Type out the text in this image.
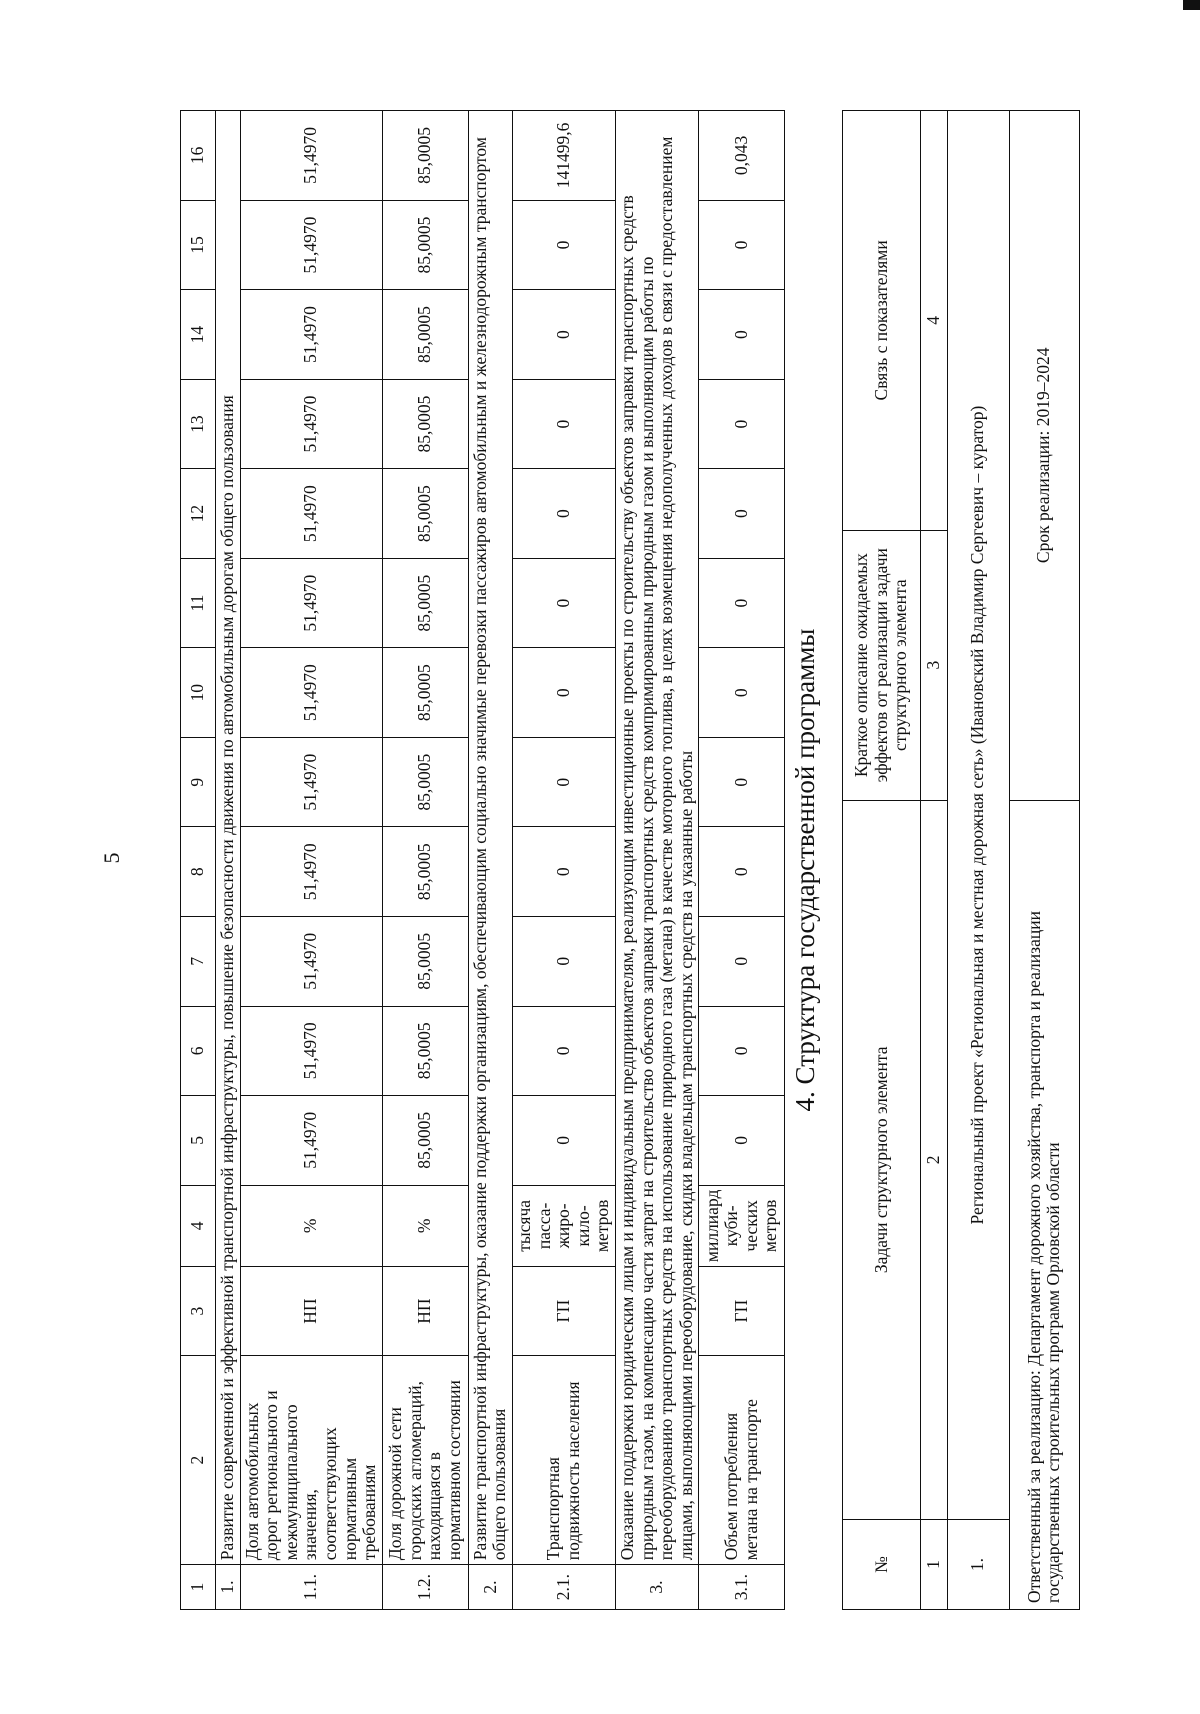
5
1	2	3	4	5	6	7	8	9	10	11	12	13	14	15	16
1.	Развитие современной и эффективной транспортной инфраструктуры, повышение безопасности движения по автомобильным дорогам общего пользования														
1.1.	Доля автомобильных дорог регионального и межмуниципального значения, соответствующих нормативным требованиям	НП	%	51,4970	51,4970	51,4970	51,4970	51,4970	51,4970	51,4970	51,4970	51,4970	51,4970	51,4970	51,4970
1.2.	Доля дорожной сети городских агломераций, находящаяся в нормативном состоянии	НП	%	85,0005	85,0005	85,0005	85,0005	85,0005	85,0005	85,0005	85,0005	85,0005	85,0005	85,0005	85,0005
2.	Развитие транспортной инфраструктуры, оказание поддержки организациям, обеспечивающим социально значимые перевозки пассажиров автомобильным и железнодорожным транспортом общего пользования														
2.1.	Транспортная подвижность населения	ГП	тысяча пасса-жиро-кило-метров	0	0	0	0	0	0	0	0	0	0	0	141499,6
3.	Оказание поддержки юридическим лицам и индивидуальным предпринимателям, реализующим инвестиционные проекты по строительству объектов заправки транспортных средств природным газом, на компенсацию части затрат на строительство объектов заправки транспортных средств компримированным природным газом и выполняющим работы по переоборудованию транспортных средств на использование природного газа (метана) в качестве моторного топлива, в целях возмещения недополученных доходов в связи с предоставлением лицами, выполняющими переоборудование, скидки владельцам транспортных средств на указанные работы														
3.1.	Объем потребления метана на транспорте	ГП	миллиард куби-ческих метров	0	0	0	0	0	0	0	0	0	0	0	0,043
4. Структура государственной программы
№	Задачи структурного элемента	Краткое описание ожидаемых эффектов от реализации задачи структурного элемента	Связь с показателями
1	2	3	4
1.	Региональный проект «Региональная и местная дорожная сеть» (Ивановский Владимир Сергеевич – куратор)		
Ответственный за реализацию: Департамент дорожного хозяйства, транспорта и реализации государственных строительных программ Орловской области		Срок реализации: 2019–2024	
